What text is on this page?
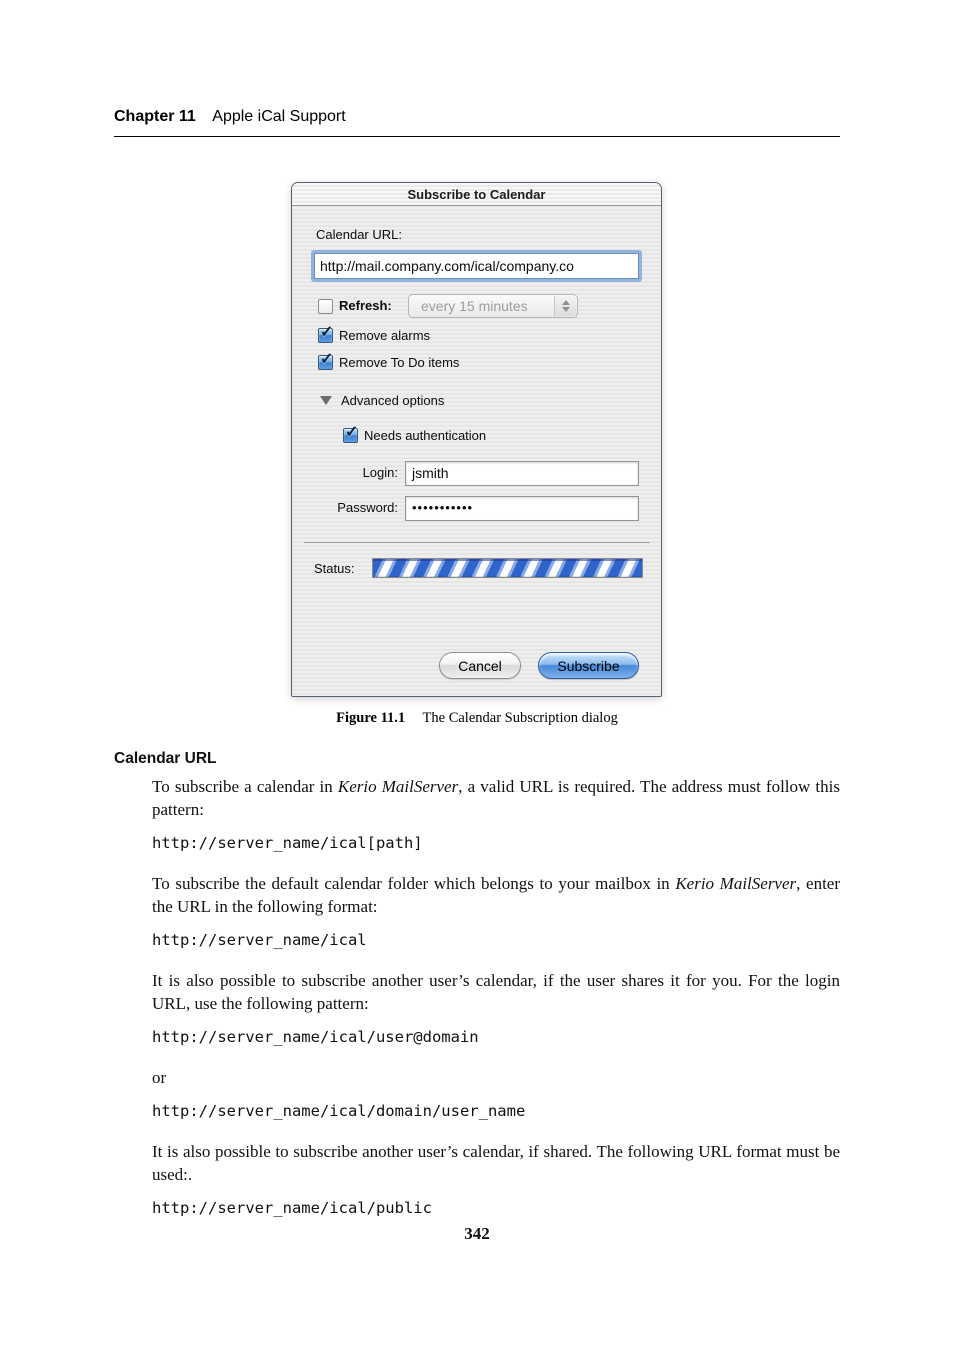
Chapter 11 Apple iCal Support
Subscribe to Calendar
Calendar URL:
http://mail.company.com/ical/company.co
Refresh:	every 15 minutes
✓ Remove alarms
✓ Remove To Do items
Advanced options
✓ Needs authentication
Login:	jsmith
Password:	•••••••••••
Status:
Cancel	Subscribe
Figure 11.1 The Calendar Subscription dialog
Calendar URL

To subscribe a calendar in Kerio MailServer, a valid URL is required. The address must follow this pattern:

http://server_name/ical[path]

To subscribe the default calendar folder which belongs to your mailbox in Kerio MailServer, enter the URL in the following format:

http://server_name/ical

It is also possible to subscribe another user’s calendar, if the user shares it for you. For the login URL, use the following pattern:

http://server_name/ical/user@domain

or

http://server_name/ical/domain/user_name

It is also possible to subscribe another user’s calendar, if shared. The following URL format must be used:.

http://server_name/ical/public
342
